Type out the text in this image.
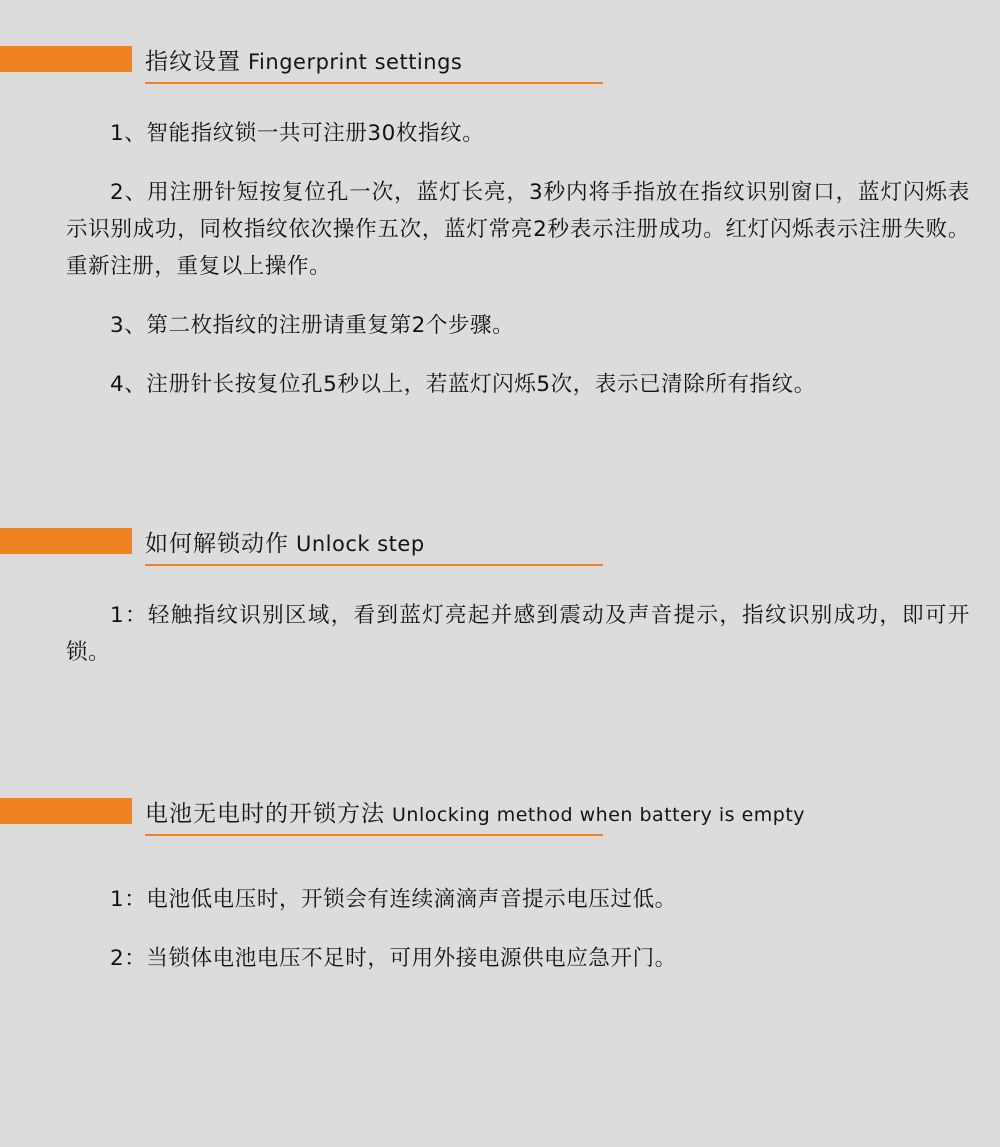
指纹设置 Fingerprint settings

1、智能指纹锁一共可注册30枚指纹。

2、用注册针短按复位孔一次，蓝灯长亮，3秒内将手指放在指纹识别窗口，蓝灯闪烁表示识别成功，同枚指纹依次操作五次，蓝灯常亮2秒表示注册成功。红灯闪烁表示注册失败。重新注册，重复以上操作。

3、第二枚指纹的注册请重复第2个步骤。

4、注册针长按复位孔5秒以上，若蓝灯闪烁5次，表示已清除所有指纹。

如何解锁动作 Unlock step

1：轻触指纹识别区域，看到蓝灯亮起并感到震动及声音提示，指纹识别成功，即可开锁。

电池无电时的开锁方法 Unlocking method when battery is empty

1：电池低电压时，开锁会有连续滴滴声音提示电压过低。

2：当锁体电池电压不足时，可用外接电源供电应急开门。
